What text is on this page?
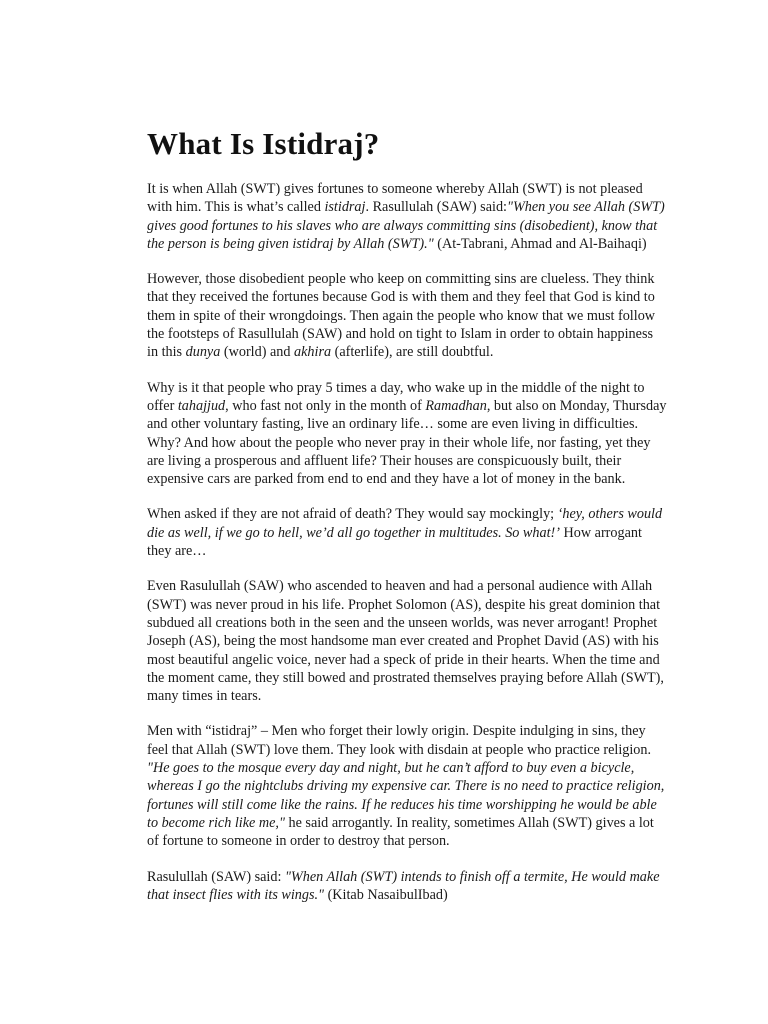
What Is Istidraj?

It is when Allah (SWT) gives fortunes to someone whereby Allah (SWT) is not pleased with him. This is what’s called istidraj. Rasullulah (SAW) said:"When you see Allah (SWT) gives good fortunes to his slaves who are always committing sins (disobedient), know that the person is being given istidraj by Allah (SWT)." (At-Tabrani, Ahmad and Al-Baihaqi)

However, those disobedient people who keep on committing sins are clueless. They think that they received the fortunes because God is with them and they feel that God is kind to them in spite of their wrongdoings. Then again the people who know that we must follow the footsteps of Rasullulah (SAW) and hold on tight to Islam in order to obtain happiness in this dunya (world) and akhira (afterlife), are still doubtful.

Why is it that people who pray 5 times a day, who wake up in the middle of the night to offer tahajjud, who fast not only in the month of Ramadhan, but also on Monday, Thursday and other voluntary fasting, live an ordinary life… some are even living in difficulties. Why? And how about the people who never pray in their whole life, nor fasting, yet they are living a prosperous and affluent life? Their houses are conspicuously built, their expensive cars are parked from end to end and they have a lot of money in the bank.

When asked if they are not afraid of death? They would say mockingly; ‘hey, others would die as well, if we go to hell, we’d all go together in multitudes. So what!’ How arrogant they are…

Even Rasulullah (SAW) who ascended to heaven and had a personal audience with Allah (SWT) was never proud in his life. Prophet Solomon (AS), despite his great dominion that subdued all creations both in the seen and the unseen worlds, was never arrogant! Prophet Joseph (AS), being the most handsome man ever created and Prophet David (AS) with his most beautiful angelic voice, never had a speck of pride in their hearts. When the time and the moment came, they still bowed and prostrated themselves praying before Allah (SWT), many times in tears.

Men with “istidraj” – Men who forget their lowly origin. Despite indulging in sins, they feel that Allah (SWT) love them. They look with disdain at people who practice religion. "He goes to the mosque every day and night, but he can’t afford to buy even a bicycle, whereas I go the nightclubs driving my expensive car. There is no need to practice religion, fortunes will still come like the rains. If he reduces his time worshipping he would be able to become rich like me," he said arrogantly. In reality, sometimes Allah (SWT) gives a lot of fortune to someone in order to destroy that person.

Rasulullah (SAW) said: "When Allah (SWT) intends to finish off a termite, He would make that insect flies with its wings." (Kitab NasaibulIbad)
